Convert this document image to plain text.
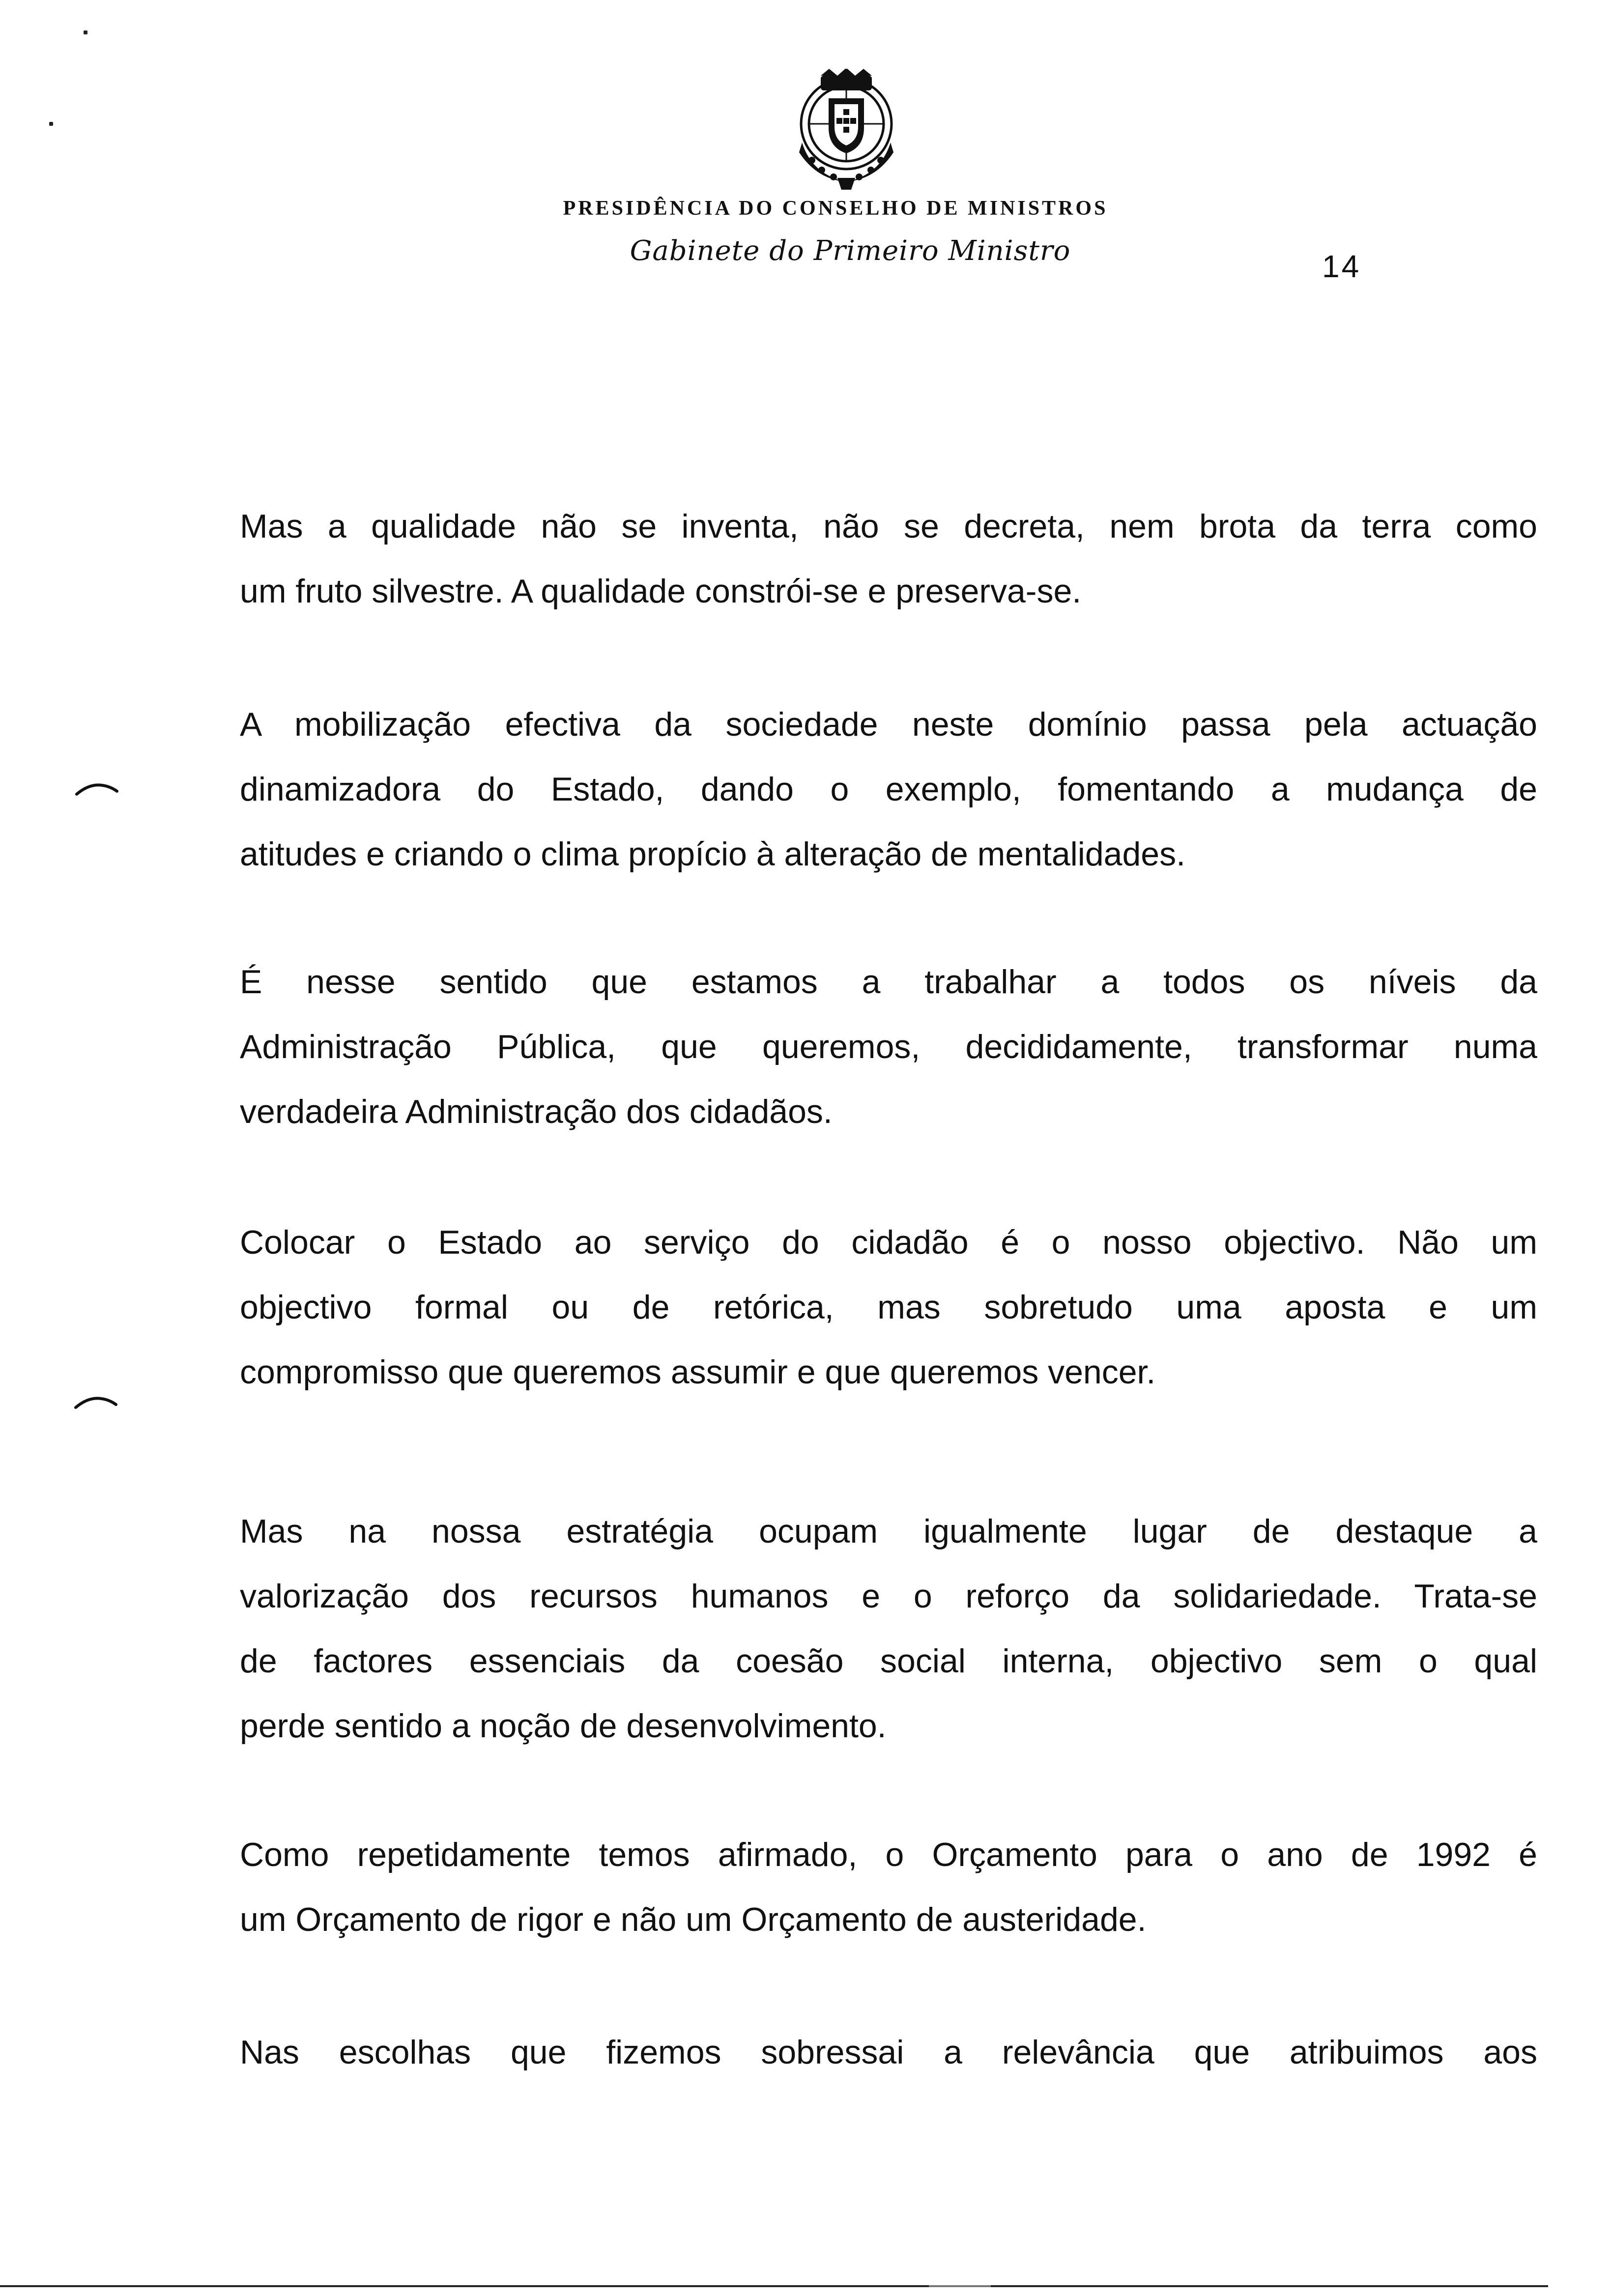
PRESIDÊNCIA DO CONSELHO DE MINISTROS
Gabinete do Primeiro Ministro	14
Mas a qualidade não se inventa, não se decreta, nem brota da terra como
um fruto silvestre. A qualidade constrói-se e preserva-se.
A mobilização efectiva da sociedade neste domínio passa pela actuação
dinamizadora do Estado, dando o exemplo, fomentando a mudança de
atitudes e criando o clima propício à alteração de mentalidades.
É nesse sentido que estamos a trabalhar a todos os níveis da
Administração Pública, que queremos, decididamente, transformar numa
verdadeira Administração dos cidadãos.
Colocar o Estado ao serviço do cidadão é o nosso objectivo. Não um
objectivo formal ou de retórica, mas sobretudo uma aposta e um
compromisso que queremos assumir e que queremos vencer.
Mas na nossa estratégia ocupam igualmente lugar de destaque a
valorização dos recursos humanos e o reforço da solidariedade. Trata-se
de factores essenciais da coesão social interna, objectivo sem o qual
perde sentido a noção de desenvolvimento.
Como repetidamente temos afirmado, o Orçamento para o ano de 1992 é
um Orçamento de rigor e não um Orçamento de austeridade.
Nas escolhas que fizemos sobressai a relevância que atribuimos aos
